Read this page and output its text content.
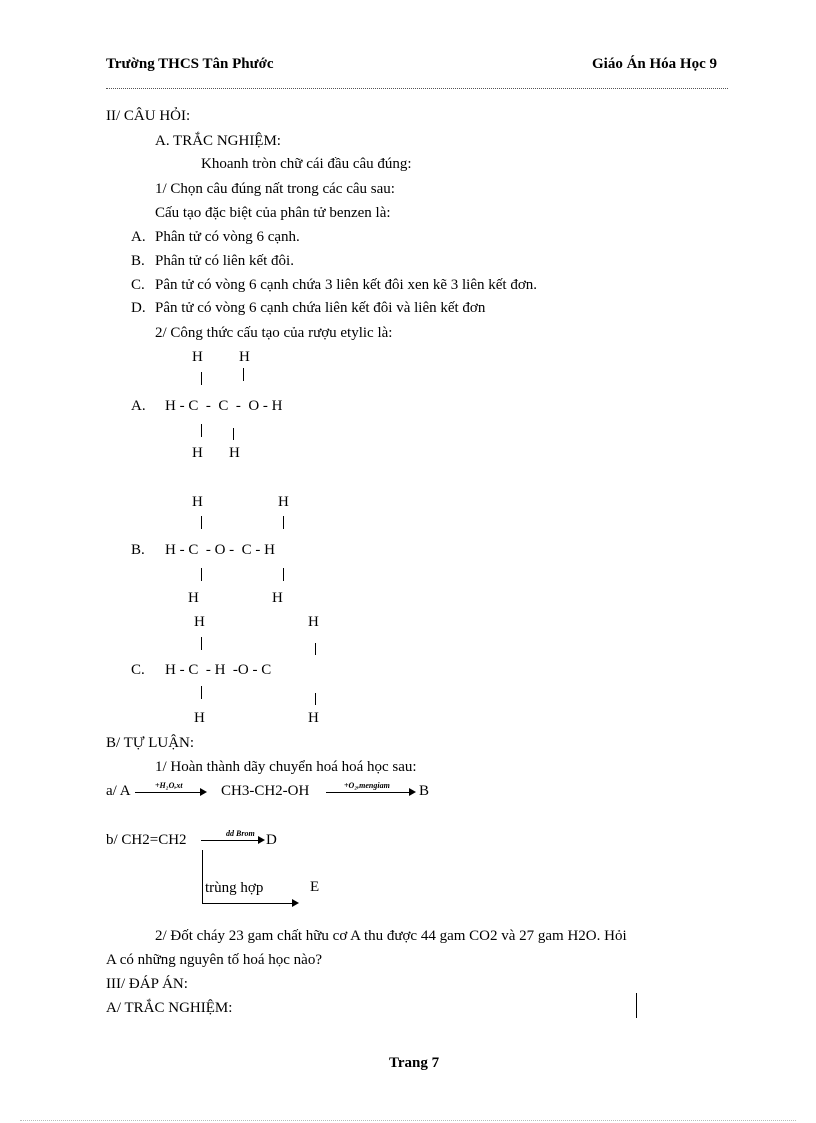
Trường THCS Tân Phước	Giáo Án Hóa Học 9
II/ CÂU HỎI:
A. TRẮC NGHIỆM:
Khoanh tròn chữ cái đầu câu đúng:
1/ Chọn câu đúng nất trong các câu sau:
Cấu tạo đặc biệt của phân tử benzen là:
A. Phân tử có vòng 6 cạnh.
B. Phân tử có liên kết đôi.
C. Pân tử có vòng 6 cạnh chứa 3 liên kết đôi xen kẽ 3 liên kết đơn.
D. Pân tử có vòng 6 cạnh chứa liên kết đôi và liên kết đơn
2/ Công thức cấu tạo của rượu etylic là:
H H
A. H - C  -  C  -  O - H
H H
H	H
B. H - C  - O -  C - H
H	H
H	H
C. H - C  - H  -O - C
H	H
B/ TỰ LUẬN:
1/ Hoàn thành dãy chuyển hoá hoá học sau:
a/ A	+H₂O,xt	CH3-CH2-OH	+O₂,mengiam B
b/ CH2=CH2	dd Brom → D
trùng hợp	E
2/ Đốt cháy 23 gam chất hữu cơ A thu được 44 gam CO2 và 27 gam H2O. Hỏi
A có những nguyên tố hoá học nào?
III/ ĐÁP ÁN:
A/ TRẮC NGHIỆM:
Trang 7
